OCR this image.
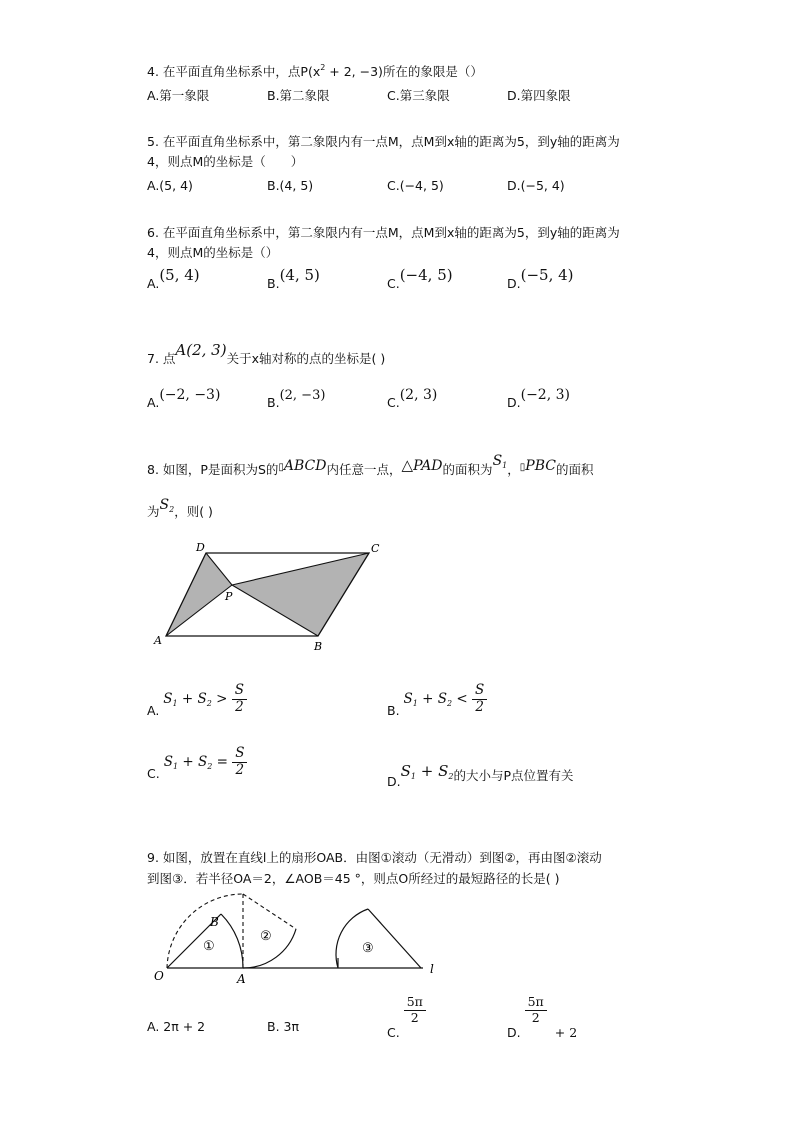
4. 在平面直角坐标系中，点$P(x^2 + 2$, −3)所在的象限是（）
A.第一象限	B.第二象限	C.第三象限	D.第四象限
5. 在平面直角坐标系中，第二象限内有一点M，点M到x轴的距离为5，到y轴的距离为
4，则点M的坐标是（　　）
A.(5, 4)	B.(4, 5)	C.(−4, 5)	D.(−5, 4)
6. 在平面直角坐标系中，第二象限内有一点M，点M到x轴的距离为5，到y轴的距离为
4，则点M的坐标是（）
A.(5, 4)	B.(4, 5)	C.(−4, 5)	D.(−5, 4)
7. 点A(2, 3)关于x轴对称的点的坐标是( )
A.(−2, −3)	B.(2, −3)	C.(2, 3)	D.(−2, 3)
8. 如图，P是面积为S的▯ABCD内任意一点，△PAD的面积为$S_1$，▯PBC的面积
为$S_2$，则( )
D	C
P
A	B
A. $S_1 + S_2 > \frac{S}{2}$	B. $S_1 + S_2 < \frac{S}{2}$
C. $S_1 + S_2 = \frac{S}{2}$
$D.S_1 + S_2$的大小与P点位置有关
9. 如图，放置在直线l上的扇形OAB．由图①滚动（无滑动）到图②，再由图②滚动
到图③．若半径OA＝2，∠AOB＝45 °，则点O所经过的最短路径的长是( )
①
②
③
O	A
B
l
A. 2π + 2	B. 3π	C.
$\frac{5\pi}{2}$
D.
$\frac{5\pi}{2}$
+ 2
